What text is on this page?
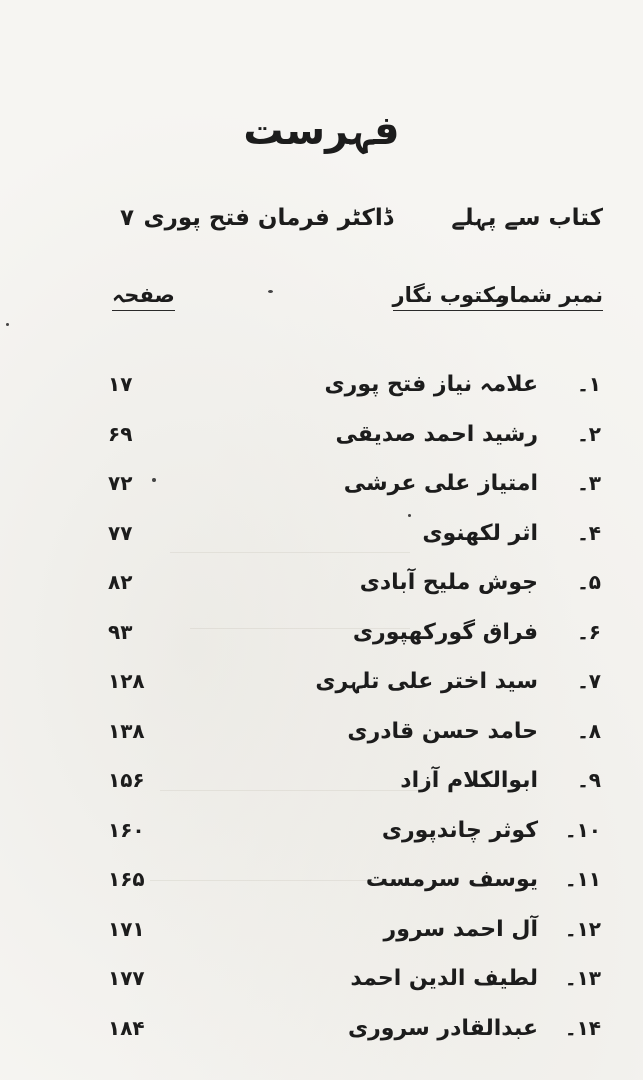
فہرست
کتاب سے پہلے
ڈاکٹر فرمان فتح پوری
۷
نمبر شمار
مکتوب نگار
صفحہ
۱۔
علامہ نیاز فتح پوری
۱۷
۲۔
رشید احمد صدیقی
۶۹
۳۔
امتیاز علی عرشی
۷۲
۴۔
اثر لکھنوی
۷۷
۵۔
جوش ملیح آبادی
۸۲
۶۔
فراق گورکھپوری
۹۳
۷۔
سید اختر علی تلہری
۱۲۸
۸۔
حامد حسن قادری
۱۳۸
۹۔
ابوالکلام آزاد
۱۵۶
۱۰۔
کوثر چاندپوری
۱۶۰
۱۱۔
یوسف سرمست
۱۶۵
۱۲۔
آل احمد سرور
۱۷۱
۱۳۔
لطیف الدین احمد
۱۷۷
۱۴۔
عبدالقادر سروری
۱۸۴
